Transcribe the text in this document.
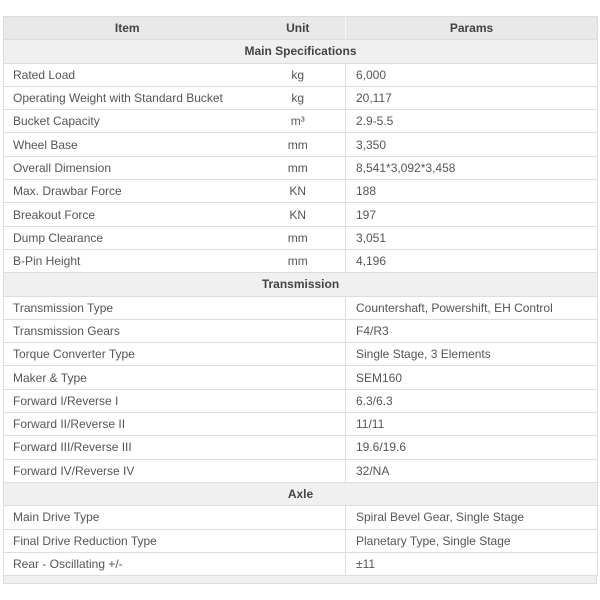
Item	Unit	Params
Main Specifications		
Rated Load	kg	6,000
Operating Weight with Standard Bucket	kg	20,117
Bucket Capacity	m³	2.9-5.5
Wheel Base	mm	3,350
Overall Dimension	mm	8,541*3,092*3,458
Max. Drawbar Force	KN	188
Breakout Force	KN	197
Dump Clearance	mm	3,051
B-Pin Height	mm	4,196
Transmission		
Transmission Type		Countershaft, Powershift, EH Control
Transmission Gears		F4/R3
Torque Converter Type		Single Stage, 3 Elements
Maker & Type		SEM160
Forward I/Reverse I		6.3/6.3
Forward II/Reverse II		11/11
Forward III/Reverse III		19.6/19.6
Forward IV/Reverse IV		32/NA
Axle		
Main Drive Type		Spiral Bevel Gear, Single Stage
Final Drive Reduction Type		Planetary Type, Single Stage
Rear - Oscillating +/-		±11
